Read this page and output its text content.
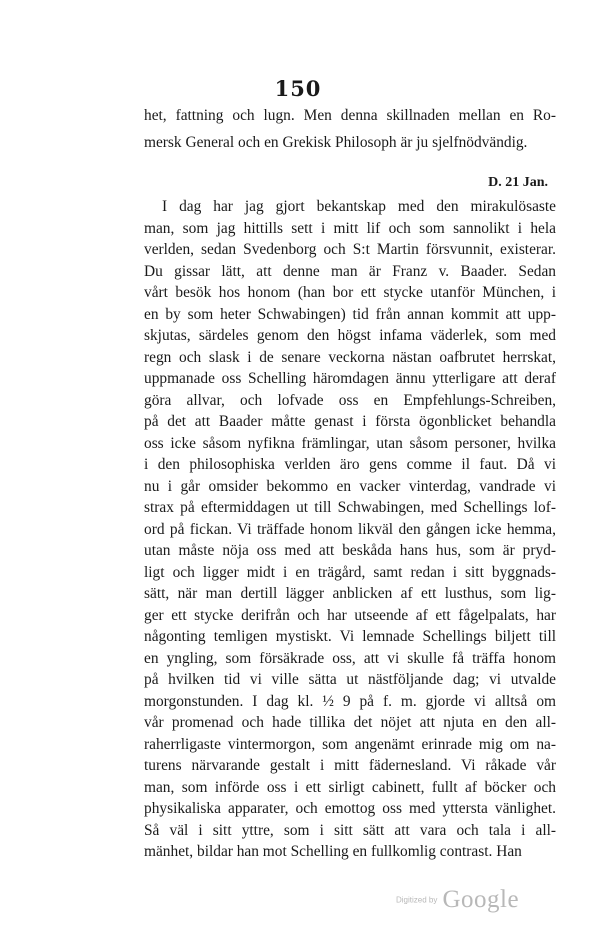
150
het, fattning och lugn. Men denna skillnaden mellan en Ro-
mersk General och en Grekisk Philosoph är ju sjelfnödvändig.
D. 21 Jan.
I dag har jag gjort bekantskap med den mirakulösaste
man, som jag hittills sett i mitt lif och som sannolikt i hela
verlden, sedan Svedenborg och S:t Martin försvunnit, existerar.
Du gissar lätt, att denne man är Franz v. Baader. Sedan
vårt besök hos honom (han bor ett stycke utanför München, i
en by som heter Schwabingen) tid från annan kommit att upp-
skjutas, särdeles genom den högst infama väderlek, som med
regn och slask i de senare veckorna nästan oafbrutet herrskat,
uppmanade oss Schelling häromdagen ännu ytterligare att deraf
göra allvar, och lofvade oss en Empfehlungs-Schreiben,
på det att Baader måtte genast i första ögonblicket behandla
oss icke såsom nyfikna främlingar, utan såsom personer, hvilka
i den philosophiska verlden äro gens comme il faut. Då vi
nu i går omsider bekommo en vacker vinterdag, vandrade vi
strax på eftermiddagen ut till Schwabingen, med Schellings lof-
ord på fickan. Vi träffade honom likväl den gången icke hemma,
utan måste nöja oss med att beskåda hans hus, som är pryd-
ligt och ligger midt i en trägård, samt redan i sitt byggnads-
sätt, när man dertill lägger anblicken af ett lusthus, som lig-
ger ett stycke derifrån och har utseende af ett fågelpalats, har
någonting temligen mystiskt. Vi lemnade Schellings biljett till
en yngling, som försäkrade oss, att vi skulle få träffa honom
på hvilken tid vi ville sätta ut nästföljande dag; vi utvalde
morgonstunden. I dag kl. ½ 9 på f. m. gjorde vi alltså om
vår promenad och hade tillika det nöjet att njuta en den all-
raherrligaste vintermorgon, som angenämt erinrade mig om na-
turens närvarande gestalt i mitt fädernesland. Vi råkade vår
man, som införde oss i ett sirligt cabinett, fullt af böcker och
physikaliska apparater, och emottog oss med yttersta vänlighet.
Så väl i sitt yttre, som i sitt sätt att vara och tala i all-
mänhet, bildar han mot Schelling en fullkomlig contrast. Han
Digitized by Google
